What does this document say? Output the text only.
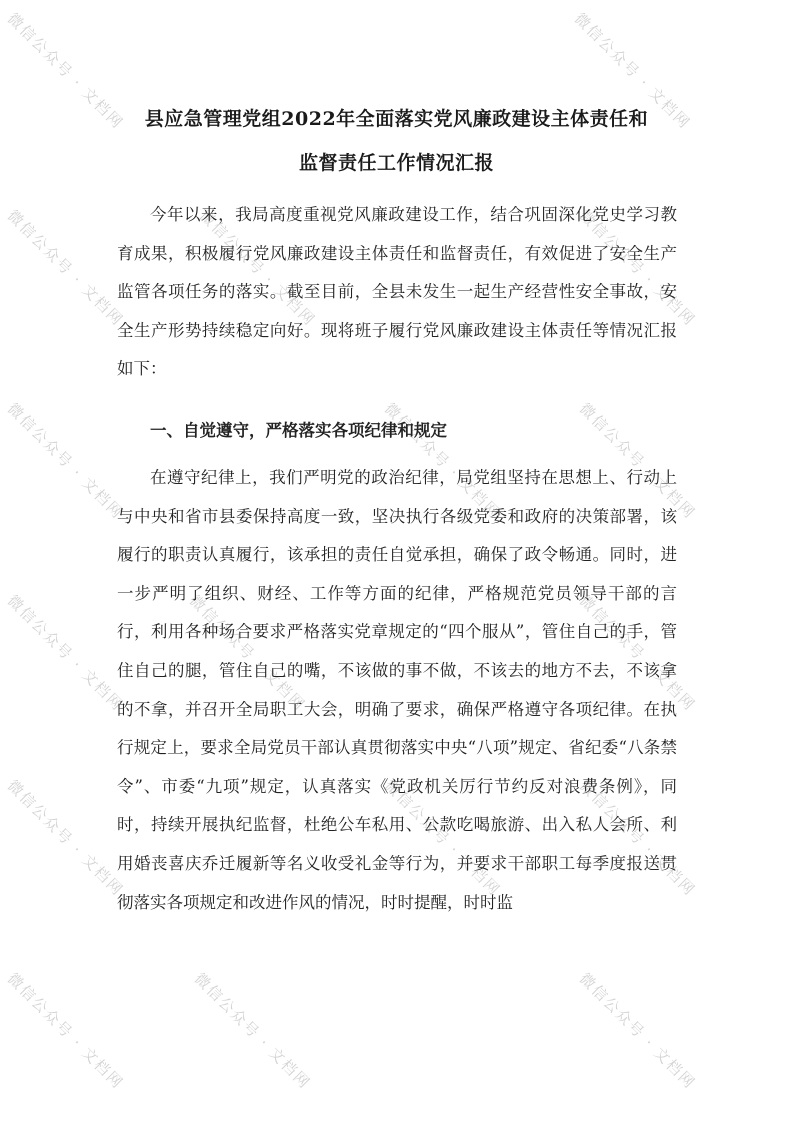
微信公众号 · 文档网	微信公众号 · 文档网
微信公众号 · 文档网	微信公众号 · 文档网	微信公众号 · 文档网
微信公众号 · 文档网	微信公众号 · 文档网	微信公众号 · 文档网
微信公众号 · 文档网	微信公众号 · 文档网	微信公众号 · 文档网
微信公众号 · 文档网	微信公众号 · 文档网	微信公众号 · 文档网
微信公众号 · 文档网	微信公众号 · 文档网	微信公众号 · 文档网
县应急管理党组2022年全面落实党风廉政建设主体责任和
监督责任工作情况汇报

今年以来，我局高度重视党风廉政建设工作，结合巩固深化党史学习教育成果，积极履行党风廉政建设主体责任和监督责任，有效促进了安全生产监管各项任务的落实。截至目前，全县未发生一起生产经营性安全事故，安全生产形势持续稳定向好。现将班子履行党风廉政建设主体责任等情况汇报如下：

一、自觉遵守，严格落实各项纪律和规定

在遵守纪律上，我们严明党的政治纪律，局党组坚持在思想上、行动上与中央和省市县委保持高度一致，坚决执行各级党委和政府的决策部署，该履行的职责认真履行，该承担的责任自觉承担，确保了政令畅通。同时，进一步严明了组织、财经、工作等方面的纪律，严格规范党员领导干部的言行，利用各种场合要求严格落实党章规定的“四个服从”，管住自己的手，管住自己的腿，管住自己的嘴，不该做的事不做，不该去的地方不去，不该拿的不拿，并召开全局职工大会，明确了要求，确保严格遵守各项纪律。在执行规定上，要求全局党员干部认真贯彻落实中央“八项”规定、省纪委“八条禁令”、市委“九项”规定，认真落实《党政机关厉行节约反对浪费条例》，同时，持续开展执纪监督，杜绝公车私用、公款吃喝旅游、出入私人会所、利用婚丧喜庆乔迁履新等名义收受礼金等行为，并要求干部职工每季度报送贯彻落实各项规定和改进作风的情况，时时提醒，时时监
